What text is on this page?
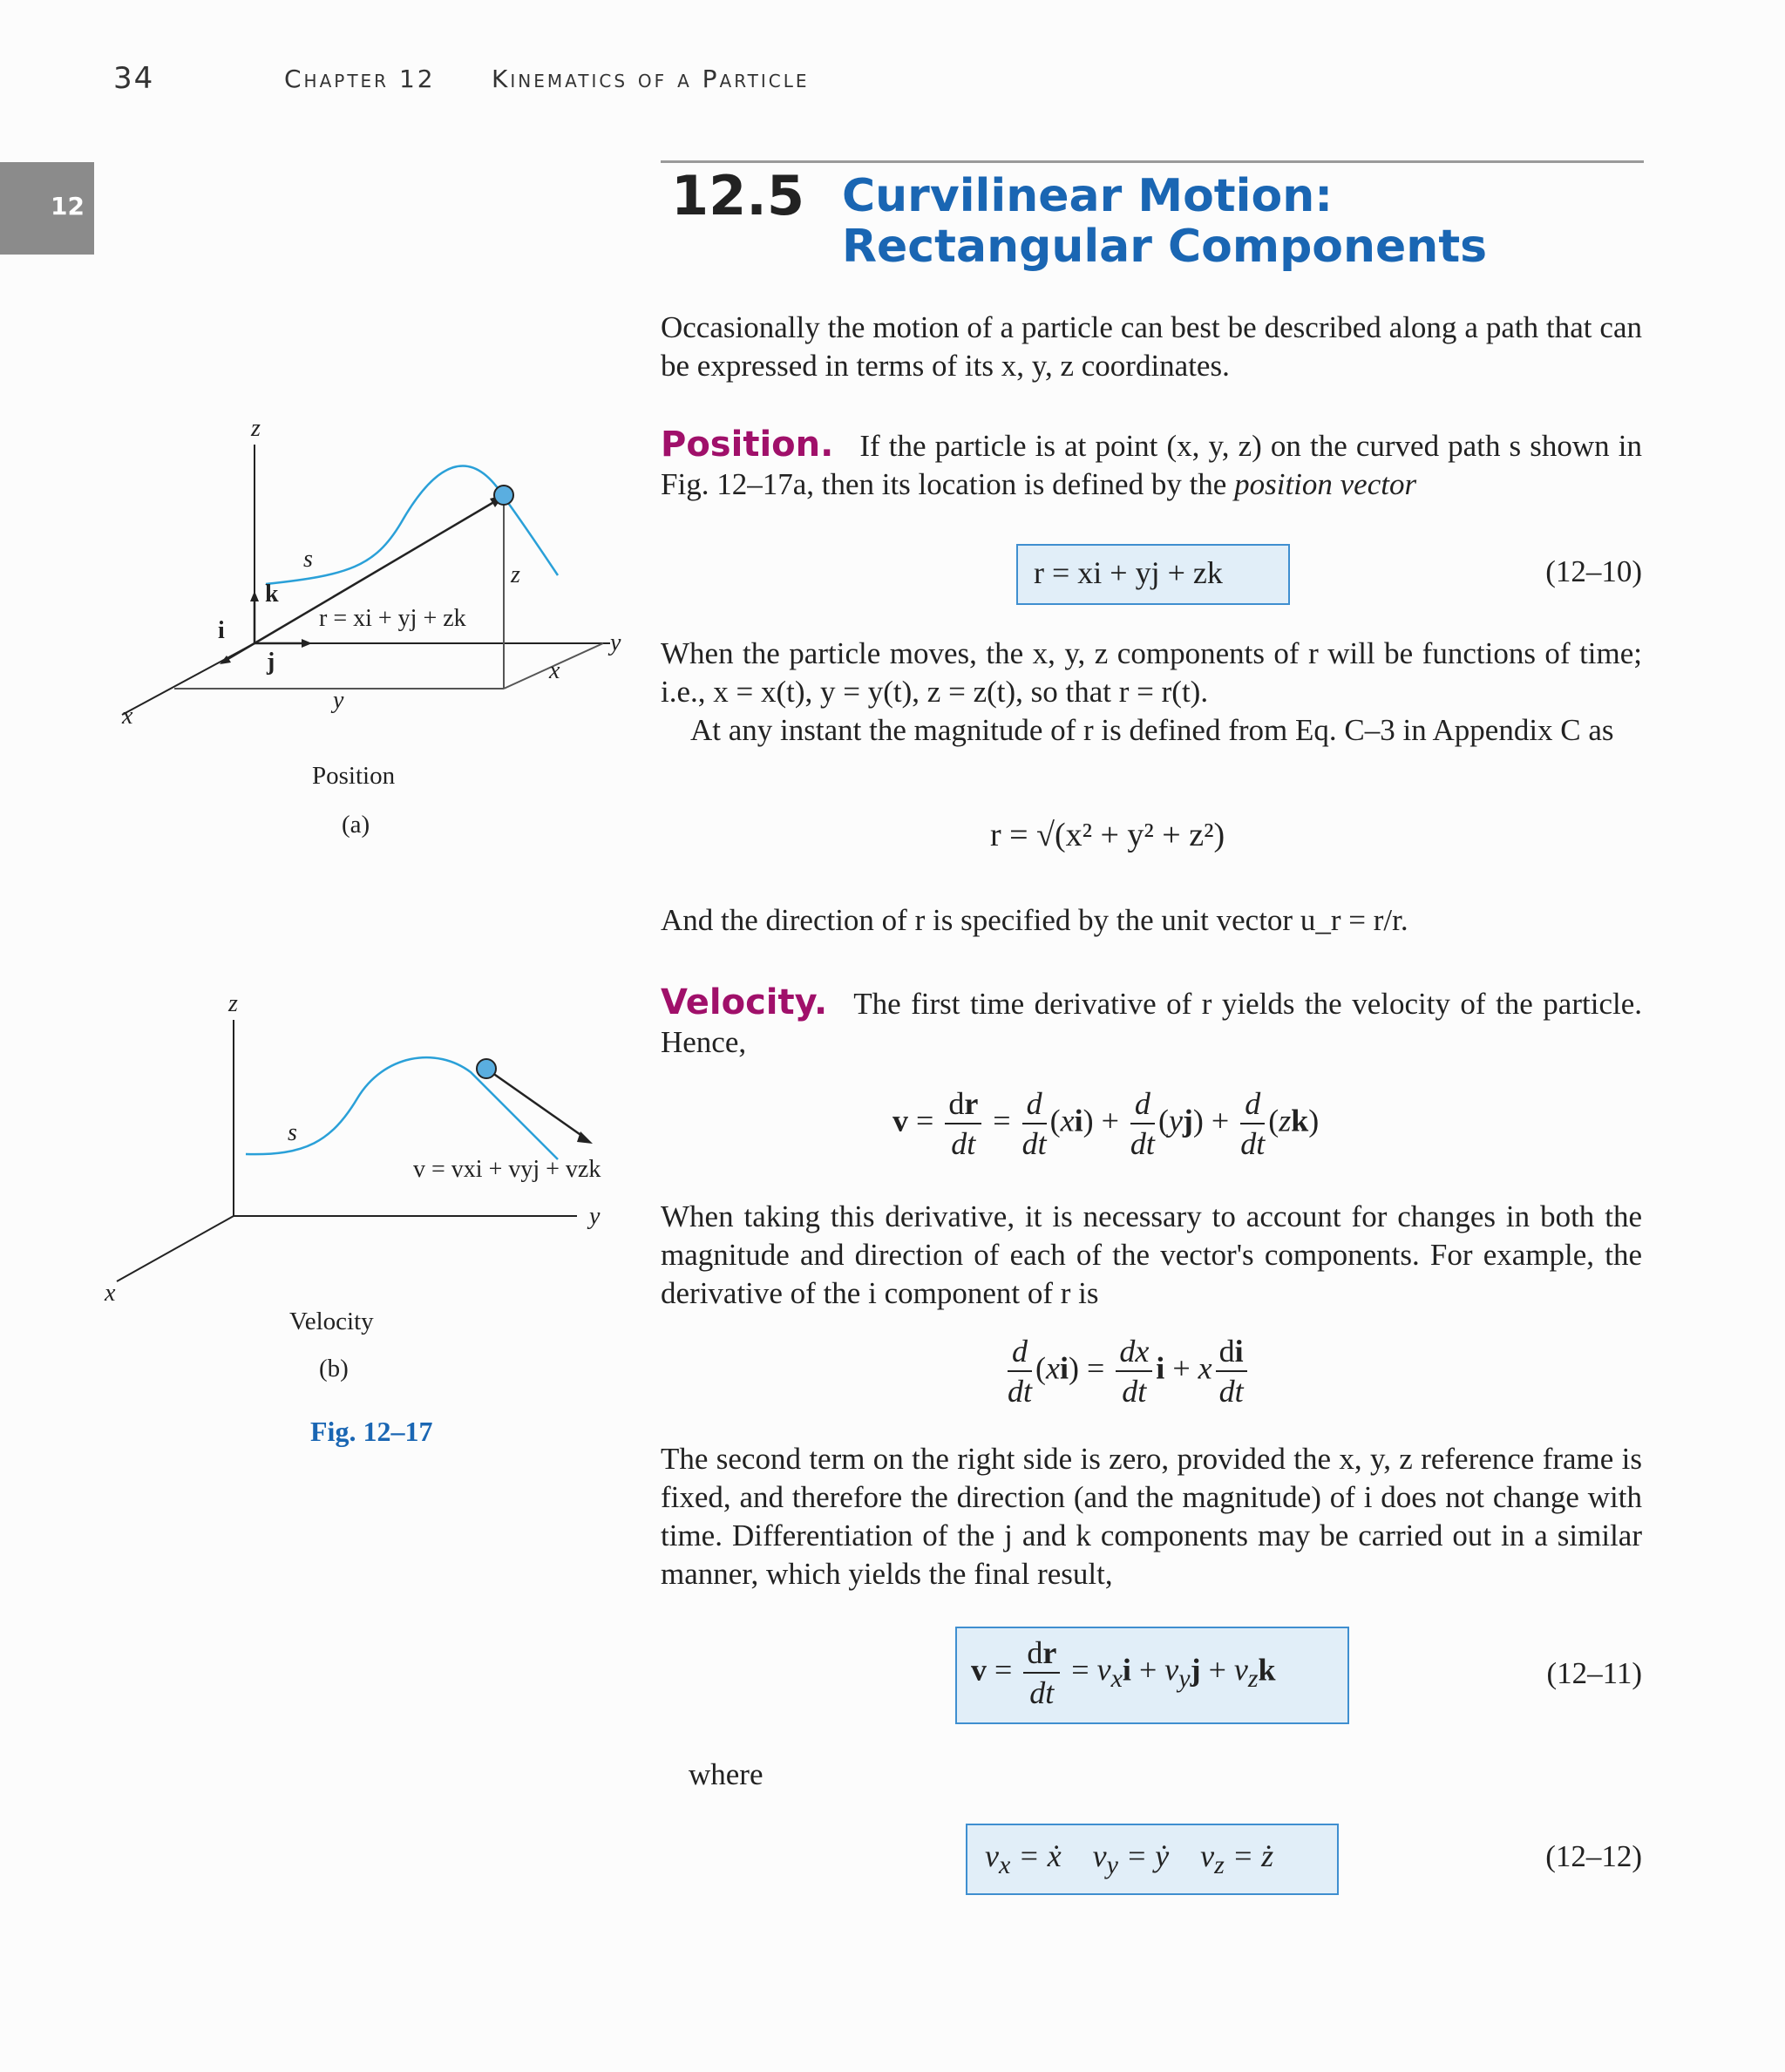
34	Chapter 12 Kinematics of a Particle
12	12.5 Curvilinear Motion: Rectangular Components
Occasionally the motion of a particle can best be described along a path that can be expressed in terms of its x, y, z coordinates.
Position. If the particle is at point (x, y, z) on the curved path s shown in Fig. 12–17a, then its location is defined by the position vector
r = xi + yj + zk	(12–10)
When the particle moves, the x, y, z components of r will be functions of time; i.e., x = x(t), y = y(t), z = z(t), so that r = r(t).
At any instant the magnitude of r is defined from Eq. C–3 in Appendix C as
r = √(x² + y² + z²)
And the direction of r is specified by the unit vector u_r = r/r.
Velocity. The first time derivative of r yields the velocity of the particle. Hence,
$v = \frac{dr}{dt} = \frac{d}{dt} (xi) + \frac{d}{dt} (yj) + \frac{d}{dt} (zk)$
When taking this derivative, it is necessary to account for changes in both the magnitude and direction of each of the vector's components. For example, the derivative of the i component of r is
$\frac{d}{dt} (xi) = \frac{dx}{dt}$ i + x $\frac{di}{dt}$
The second term on the right side is zero, provided the x, y, z reference frame is fixed, and therefore the direction (and the magnitude) of i does not change with time. Differentiation of the j and k components may be carried out in a similar manner, which yields the final result,
$v = \frac{dr}{dt} = v_xi + v_yj + v_zk$	(12–11)
where
$v_x$ = ẋ    $v_y$ = ẏ    $v_z$ = ż	(12–12)
z
s
z
k
i
j
r = xi + yj + zk
y
x
y
x
Position
(a)
z
s
v = vxi + vyj + vzk
y
x
Velocity
(b)
Fig. 12–17
